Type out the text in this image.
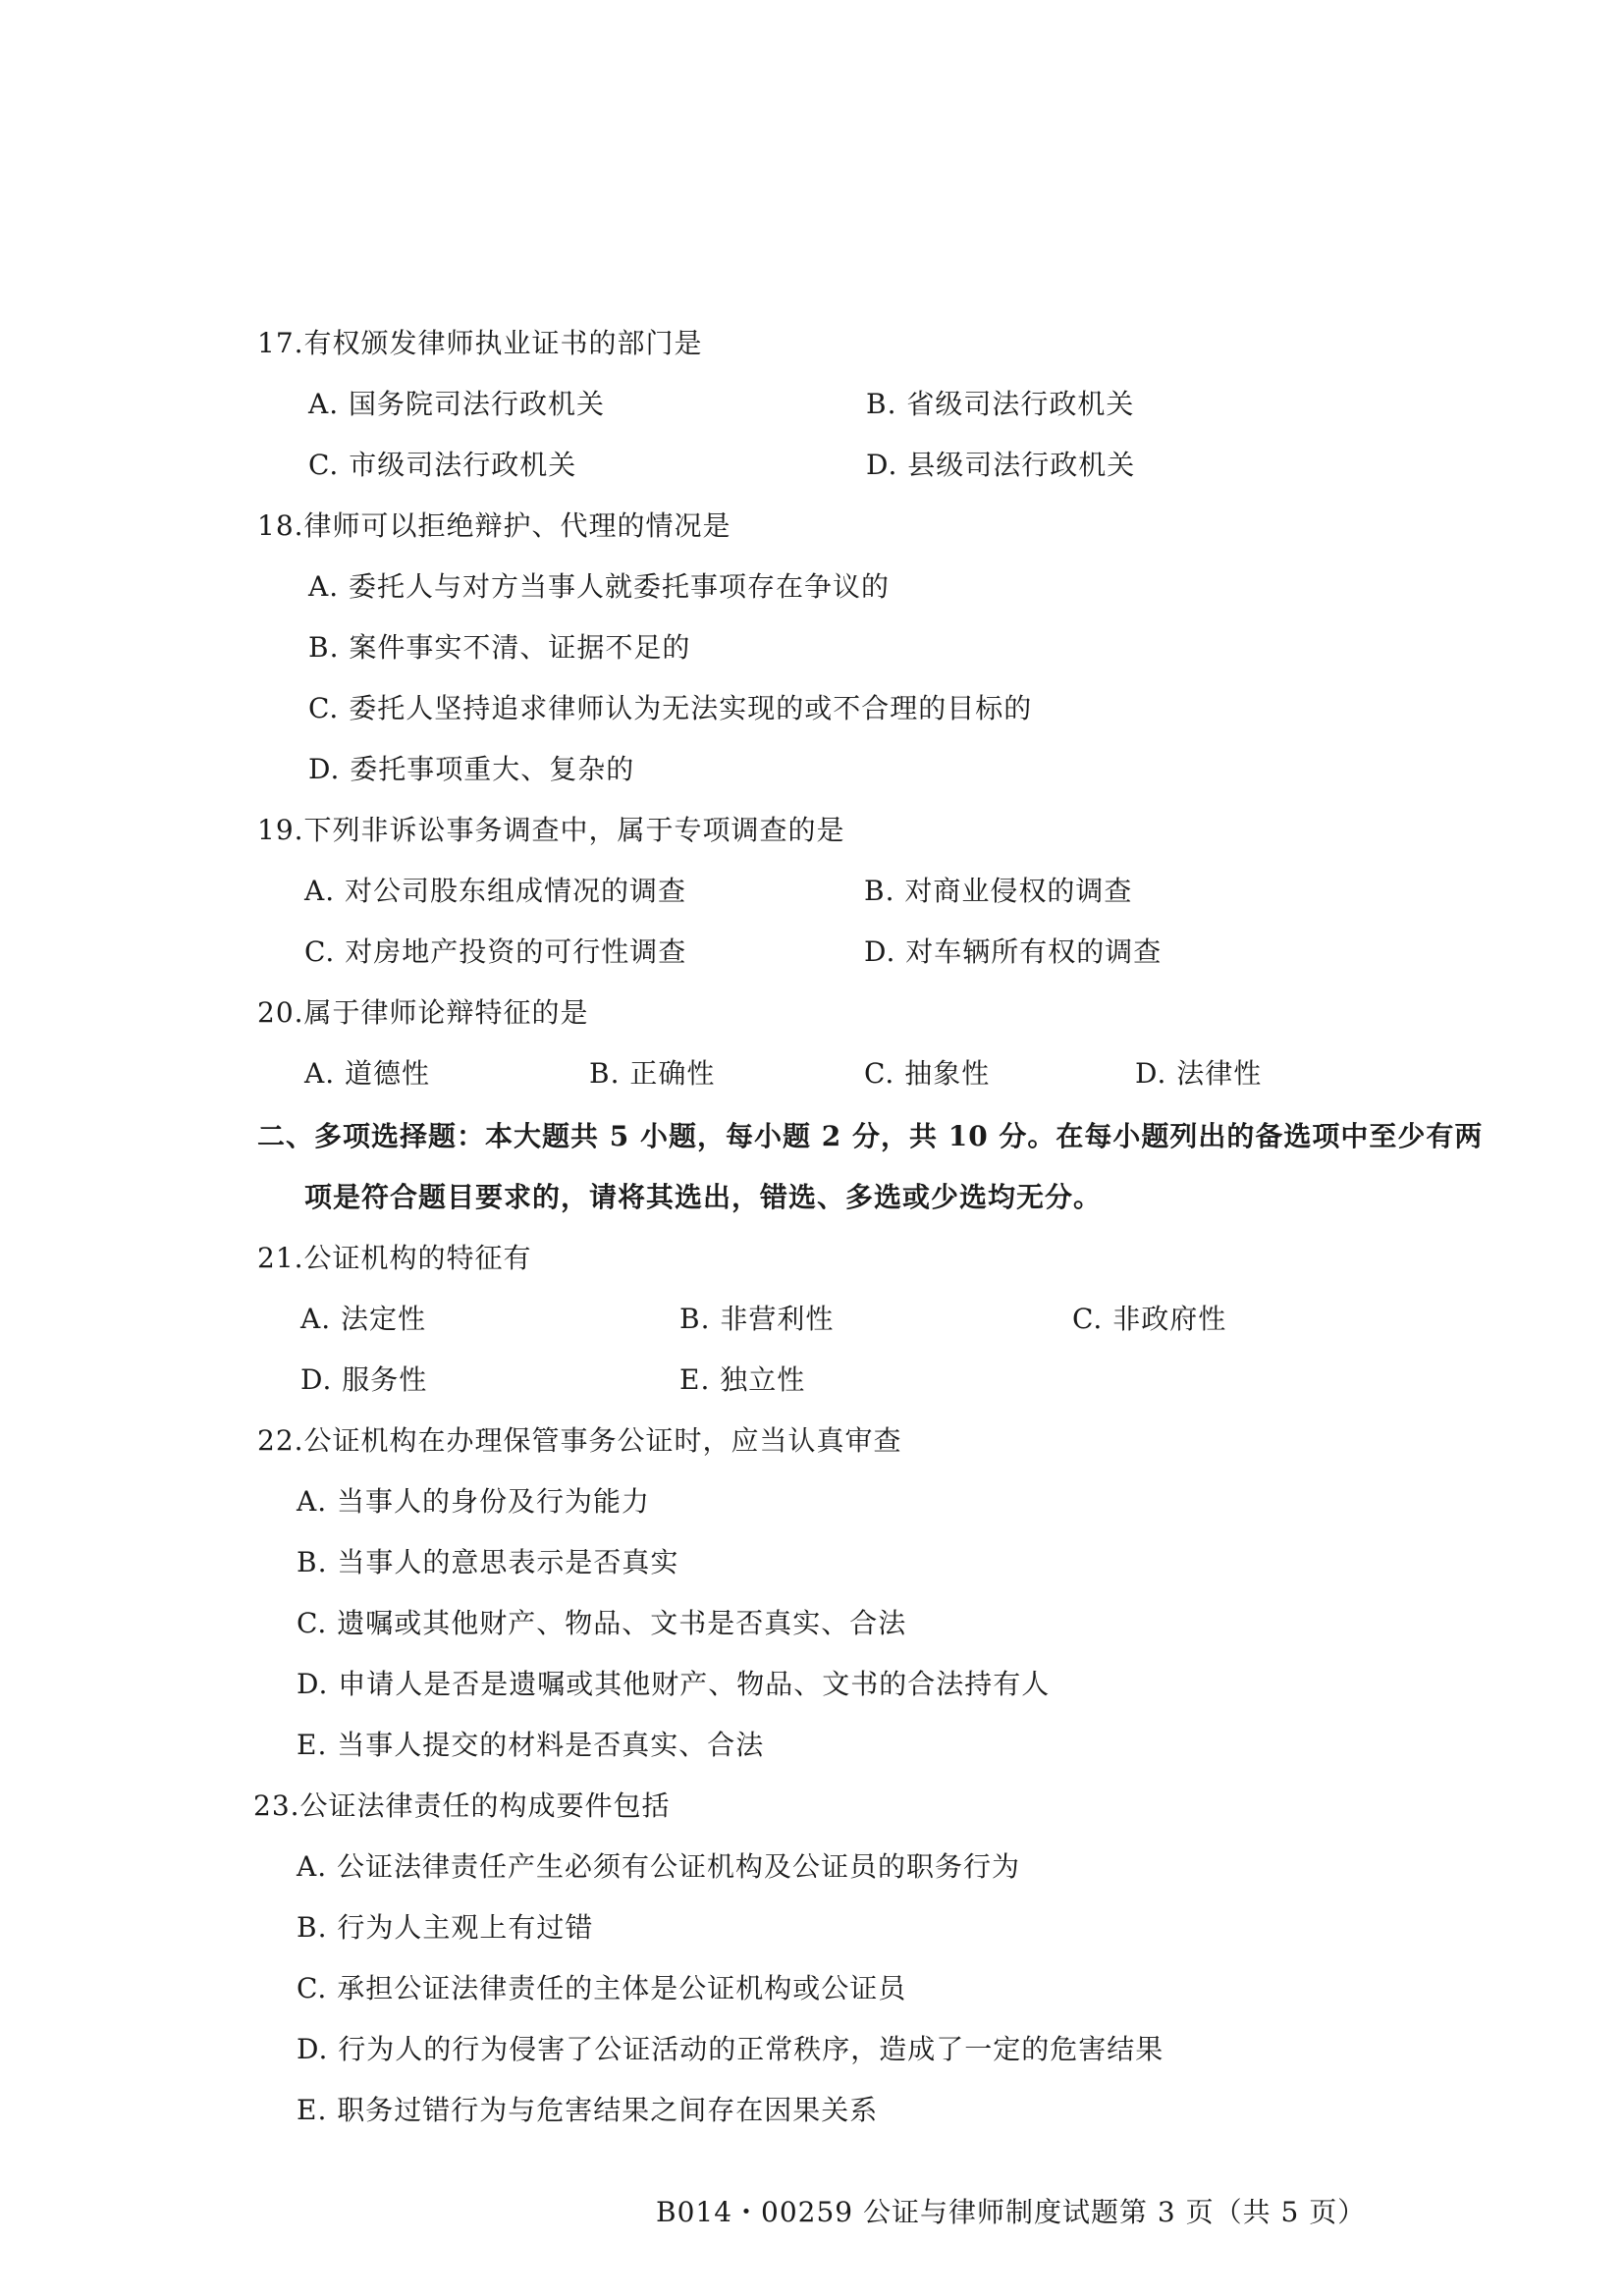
17.有权颁发律师执业证书的部门是
A. 国务院司法行政机关	B. 省级司法行政机关
C. 市级司法行政机关	D. 县级司法行政机关
18.律师可以拒绝辩护、代理的情况是
A. 委托人与对方当事人就委托事项存在争议的
B. 案件事实不清、证据不足的
C. 委托人坚持追求律师认为无法实现的或不合理的目标的
D. 委托事项重大、复杂的
19.下列非诉讼事务调查中，属于专项调查的是
A. 对公司股东组成情况的调查	B. 对商业侵权的调查
C. 对房地产投资的可行性调查	D. 对车辆所有权的调查
20.属于律师论辩特征的是
A. 道德性	B. 正确性	C. 抽象性	D. 法律性
二、多项选择题：本大题共 5 小题，每小题 2 分，共 10 分。在每小题列出的备选项中至少有两
项是符合题目要求的，请将其选出，错选、多选或少选均无分。
21.公证机构的特征有
A. 法定性	B. 非营利性	C. 非政府性
D. 服务性	E. 独立性
22.公证机构在办理保管事务公证时，应当认真审查
A. 当事人的身份及行为能力
B. 当事人的意思表示是否真实
C. 遗嘱或其他财产、物品、文书是否真实、合法
D. 申请人是否是遗嘱或其他财产、物品、文书的合法持有人
E. 当事人提交的材料是否真实、合法
23.公证法律责任的构成要件包括
A. 公证法律责任产生必须有公证机构及公证员的职务行为
B. 行为人主观上有过错
C. 承担公证法律责任的主体是公证机构或公证员
D. 行为人的行为侵害了公证活动的正常秩序，造成了一定的危害结果
E. 职务过错行为与危害结果之间存在因果关系
B014・00259 公证与律师制度试题第 3 页（共 5 页）
